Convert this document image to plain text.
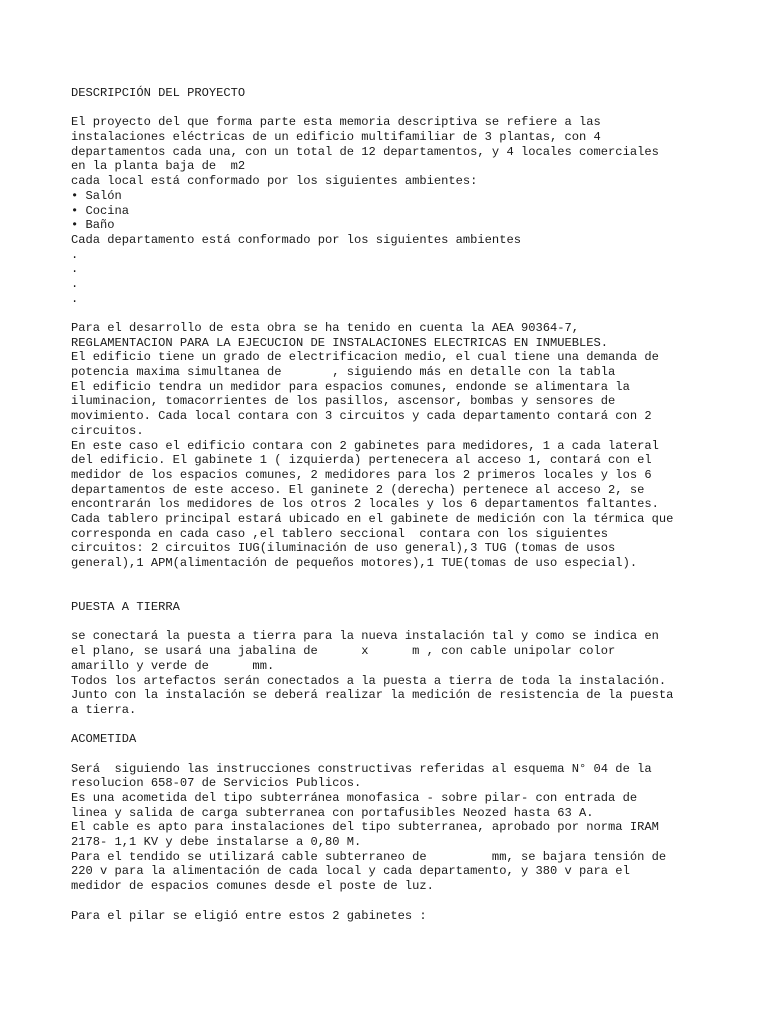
DESCRIPCIÓN DEL PROYECTO
El proyecto del que forma parte esta memoria descriptiva se refiere a las
instalaciones eléctricas de un edificio multifamiliar de 3 plantas, con 4
departamentos cada una, con un total de 12 departamentos, y 4 locales comerciales
en la planta baja de  m2
cada local está conformado por los siguientes ambientes:
• Salón
• Cocina
• Baño
Cada departamento está conformado por los siguientes ambientes
.
.
.
.
Para el desarrollo de esta obra se ha tenido en cuenta la AEA 90364-7,
REGLAMENTACION PARA LA EJECUCION DE INSTALACIONES ELECTRICAS EN INMUEBLES.
El edificio tiene un grado de electrificacion medio, el cual tiene una demanda de
potencia maxima simultanea de       , siguiendo más en detalle con la tabla
El edificio tendra un medidor para espacios comunes, endonde se alimentara la
iluminacion, tomacorrientes de los pasillos, ascensor, bombas y sensores de
movimiento. Cada local contara con 3 circuitos y cada departamento contará con 2
circuitos.
En este caso el edificio contara con 2 gabinetes para medidores, 1 a cada lateral
del edificio. El gabinete 1 ( izquierda) pertenecera al acceso 1, contará con el
medidor de los espacios comunes, 2 medidores para los 2 primeros locales y los 6
departamentos de este acceso. El ganinete 2 (derecha) pertenece al acceso 2, se
encontrarán los medidores de los otros 2 locales y los 6 departamentos faltantes.
Cada tablero principal estará ubicado en el gabinete de medición con la térmica que
corresponda en cada caso ,el tablero seccional  contara con los siguientes
circuitos: 2 circuitos IUG(iluminación de uso general),3 TUG (tomas de usos
general),1 APM(alimentación de pequeños motores),1 TUE(tomas de uso especial).
PUESTA A TIERRA
se conectará la puesta a tierra para la nueva instalación tal y como se indica en
el plano, se usará una jabalina de      x      m , con cable unipolar color
amarillo y verde de      mm.
Todos los artefactos serán conectados a la puesta a tierra de toda la instalación.
Junto con la instalación se deberá realizar la medición de resistencia de la puesta
a tierra.
ACOMETIDA
Será  siguiendo las instrucciones constructivas referidas al esquema N° 04 de la
resolucion 658-07 de Servicios Publicos.
Es una acometida del tipo subterránea monofasica - sobre pilar- con entrada de
linea y salida de carga subterranea con portafusibles Neozed hasta 63 A.
El cable es apto para instalaciones del tipo subterranea, aprobado por norma IRAM
2178- 1,1 KV y debe instalarse a 0,80 M.
Para el tendido se utilizará cable subterraneo de         mm, se bajara tensión de
220 v para la alimentación de cada local y cada departamento, y 380 v para el
medidor de espacios comunes desde el poste de luz.
Para el pilar se eligió entre estos 2 gabinetes :
